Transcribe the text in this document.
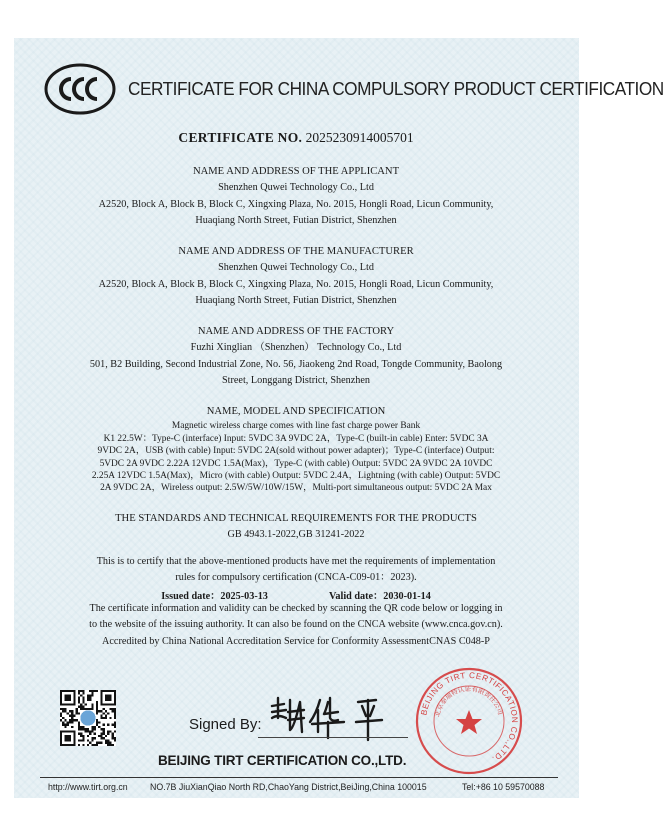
CERTIFICATE FOR CHINA COMPULSORY PRODUCT CERTIFICATION
CERTIFICATE NO. 2025230914005701
NAME AND ADDRESS OF THE APPLICANT
Shenzhen Quwei Technology Co., Ltd
A2520, Block A, Block B, Block C, Xingxing Plaza, No. 2015, Hongli Road, Licun Community,
Huaqiang North Street, Futian District, Shenzhen
NAME AND ADDRESS OF THE MANUFACTURER
Shenzhen Quwei Technology Co., Ltd
A2520, Block A, Block B, Block C, Xingxing Plaza, No. 2015, Hongli Road, Licun Community,
Huaqiang North Street, Futian District, Shenzhen
NAME AND ADDRESS OF THE FACTORY
Fuzhi Xinglian （Shenzhen） Technology Co., Ltd
501, B2 Building, Second Industrial Zone, No. 56, Jiaokeng 2nd Road, Tongde Community, Baolong
Street, Longgang District, Shenzhen
NAME, MODEL AND SPECIFICATION
Magnetic wireless charge comes with line fast charge power Bank
K1 22.5W：Type-C (interface) Input: 5VDC 3A 9VDC 2A，Type-C (built-in cable) Enter: 5VDC 3A
9VDC 2A，USB (with cable) Input: 5VDC 2A(sold without power adapter)；Type-C (interface) Output:
5VDC 2A 9VDC 2.22A 12VDC 1.5A(Max)，Type-C (with cable) Output: 5VDC 2A 9VDC 2A 10VDC
2.25A 12VDC 1.5A(Max)，Micro (with cable) Output: 5VDC 2.4A，Lightning (with cable) Output: 5VDC
2A 9VDC 2A，Wireless output: 2.5W/5W/10W/15W，Multi-port simultaneous output: 5VDC 2A Max
THE STANDARDS AND TECHNICAL REQUIREMENTS FOR THE PRODUCTS
GB 4943.1-2022,GB 31241-2022
This is to certify that the above-mentioned products have met the requirements of implementation
rules for compulsory certification (CNCA-C09-01：2023).
Issued date：2025-03-13	Valid date：2030-01-14
The certificate information and validity can be checked by scanning the QR code below or logging in
to the website of the issuing authority. It can also be found on the CNCA website (www.cnca.gov.cn).
Accredited by China National Accreditation Service for Conformity AssessmentCNAS C048-P
Signed By:
BEIJING TIRT CERTIFICATION CO.,LTD.
北京泰瑞特认证有限责任公司
BEIJING TIRT CERTIFICATION CO.,LTD.
http://www.tirt.org.cn	NO.7B JiuXianQiao North RD,ChaoYang District,BeiJing,China 100015	Tel:+86 10 59570088
